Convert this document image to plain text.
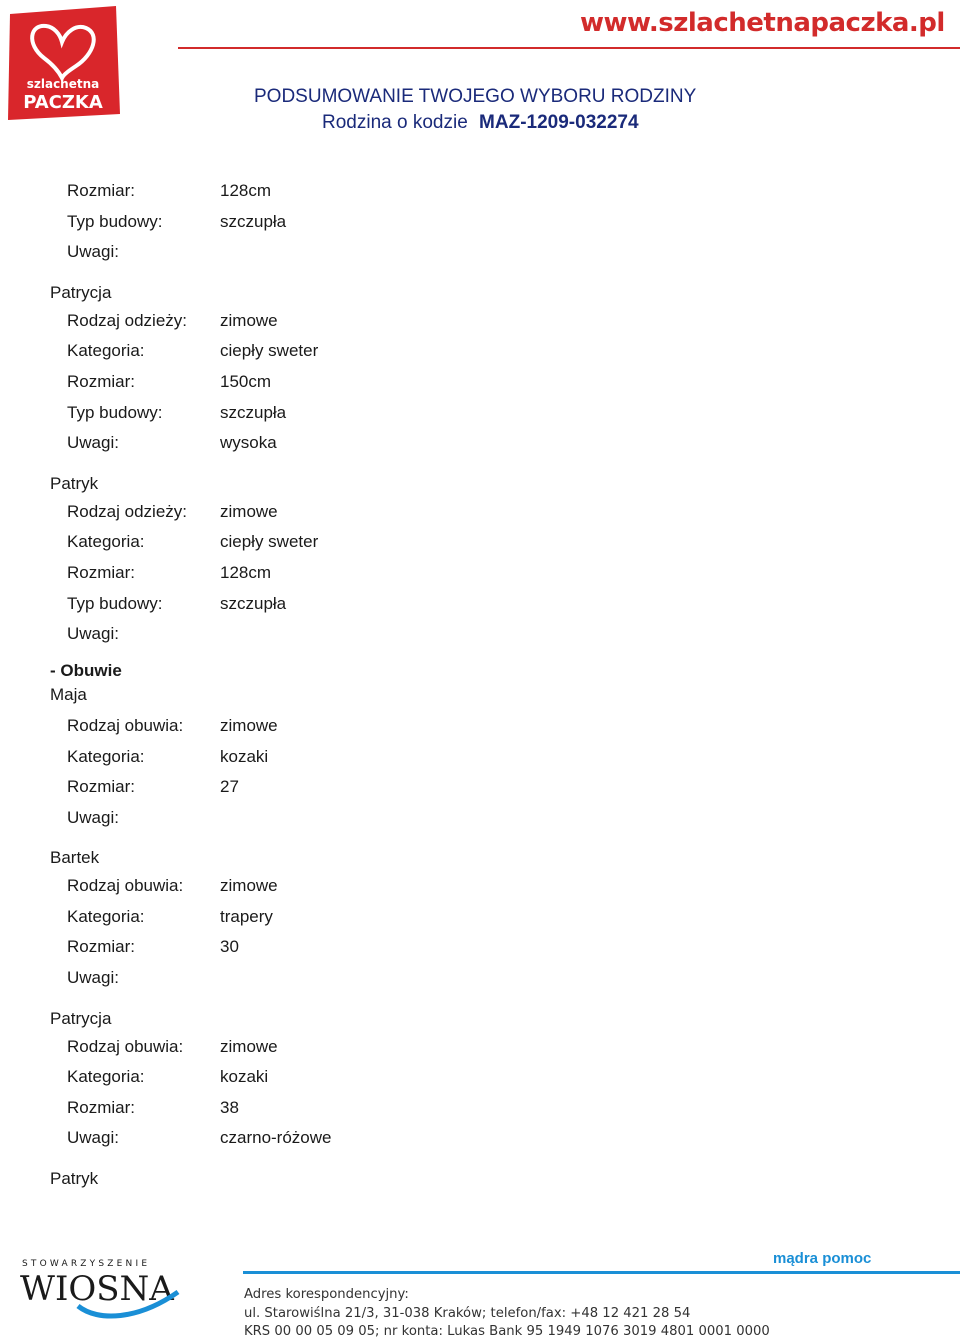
szlachetna
PACZKA

www.szlachetnapaczka.pl

PODSUMOWANIE TWOJEGO WYBORU RODZINY
Rodzina o kodzie MAZ-1209-032274
Rozmiar:	128cm
Typ budowy:	szczupła
Uwagi:
Patrycja
Rodzaj odzieży: zimowe
Kategoria:	ciepły sweter
Rozmiar:	150cm
Typ budowy:	szczupła
Uwagi:	wysoka
Patryk
Rodzaj odzieży: zimowe
Kategoria:	ciepły sweter
Rozmiar:	128cm
Typ budowy:	szczupła
Uwagi:
- Obuwie
Maja
Rodzaj obuwia: zimowe
Kategoria:	kozaki
Rozmiar:	27
Uwagi:
Bartek
Rodzaj obuwia: zimowe
Kategoria:	trapery
Rozmiar:	30
Uwagi:
Patrycja
Rodzaj obuwia: zimowe
Kategoria:	kozaki
Rozmiar:	38
Uwagi:	czarno-różowe
Patryk
STOWARZYSZENIE
WIOSNA
mądra pomoc
Adres korespondencyjny:
ul. Starowiślna 21/3, 31-038 Kraków; telefon/fax: +48 12 421 28 54
KRS 00 00 05 09 05; nr konta: Lukas Bank 95 1949 1076 3019 4801 0001 0000
